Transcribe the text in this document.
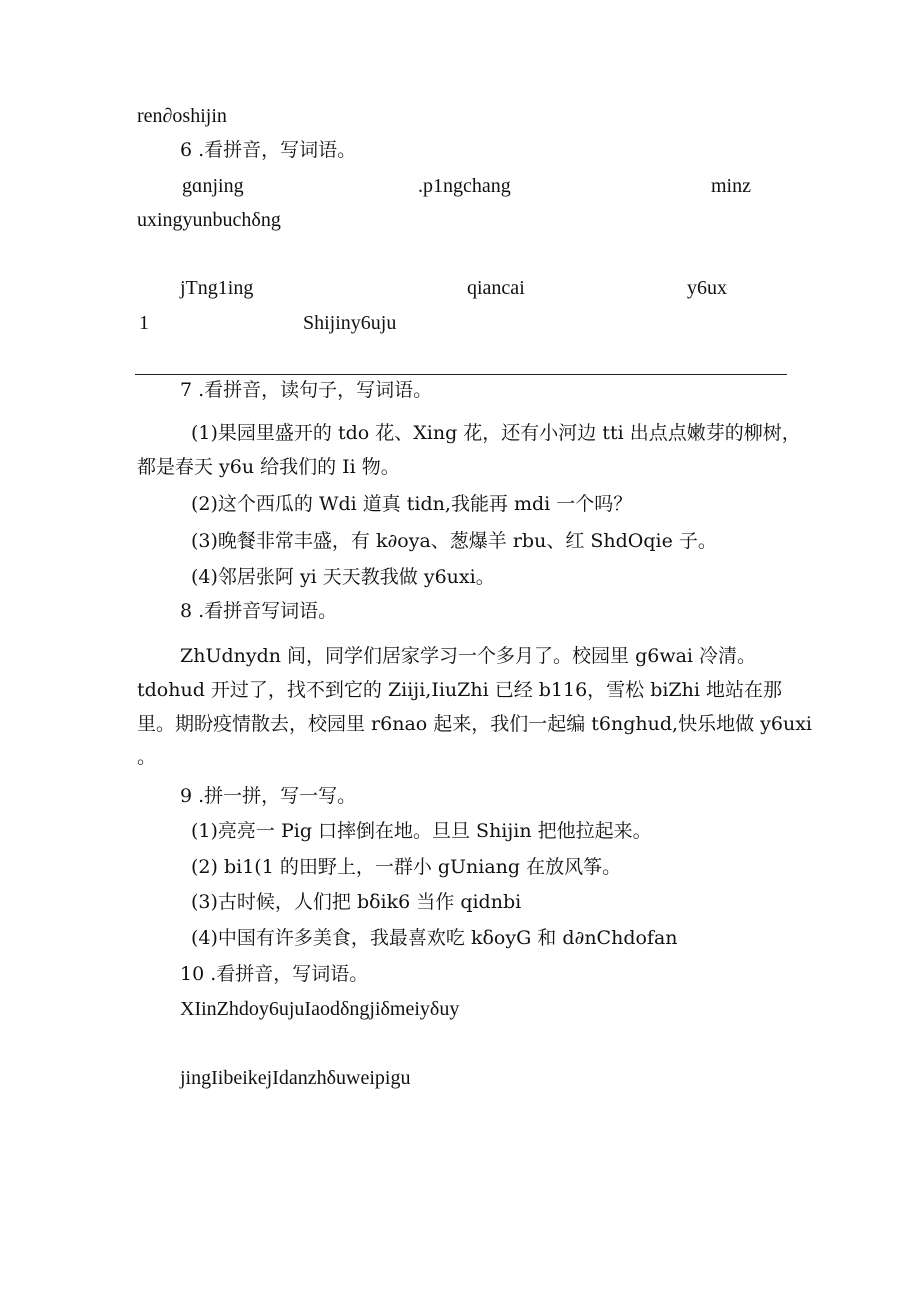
ren∂oshijin
6 .看拼音，写词语。
gɑnjing	.p1ngchang	minz
uxingyunbuchδng
jTng1ing	qiancai	y6ux
1	Shijiny6uju
7 .看拼音，读句子，写词语。
(1)果园里盛开的 tdo 花、Xing 花，还有小河边 tti 出点点嫩芽的柳树，
都是春天 y6u 给我们的 Ii 物。
(2)这个西瓜的 Wdi 道真 tidn,我能再 mdi 一个吗？
(3)晚餐非常丰盛，有 k∂oya、葱爆羊 rbu、红 ShdOqie 子。
(4)邻居张阿 yi 天天教我做 y6uxi。
8 .看拼音写词语。
ZhUdnydn 间，同学们居家学习一个多月了。校园里 g6wai 冷清。
tdohud 开过了，找不到它的 Ziiji,IiuZhi 已经 b116，雪松 biZhi 地站在那
里。期盼疫情散去，校园里 r6nao 起来，我们一起编 t6nghud,快乐地做 y6uxi
。
9 .拼一拼，写一写。
(1)亮亮一 Pig 口摔倒在地。旦旦 Shijin 把他拉起来。
(2) bi1(1 的田野上，一群小 gUniang 在放风筝。
(3)古时候，人们把 bδik6 当作 qidnbi
(4)中国有许多美食，我最喜欢吃 kδoyG 和 d∂nChdofan
10 .看拼音，写词语。
XIinZhdoy6ujuIaodδngjiδmeiyδuy
jingIibeikejIdanzhδuweipigu
